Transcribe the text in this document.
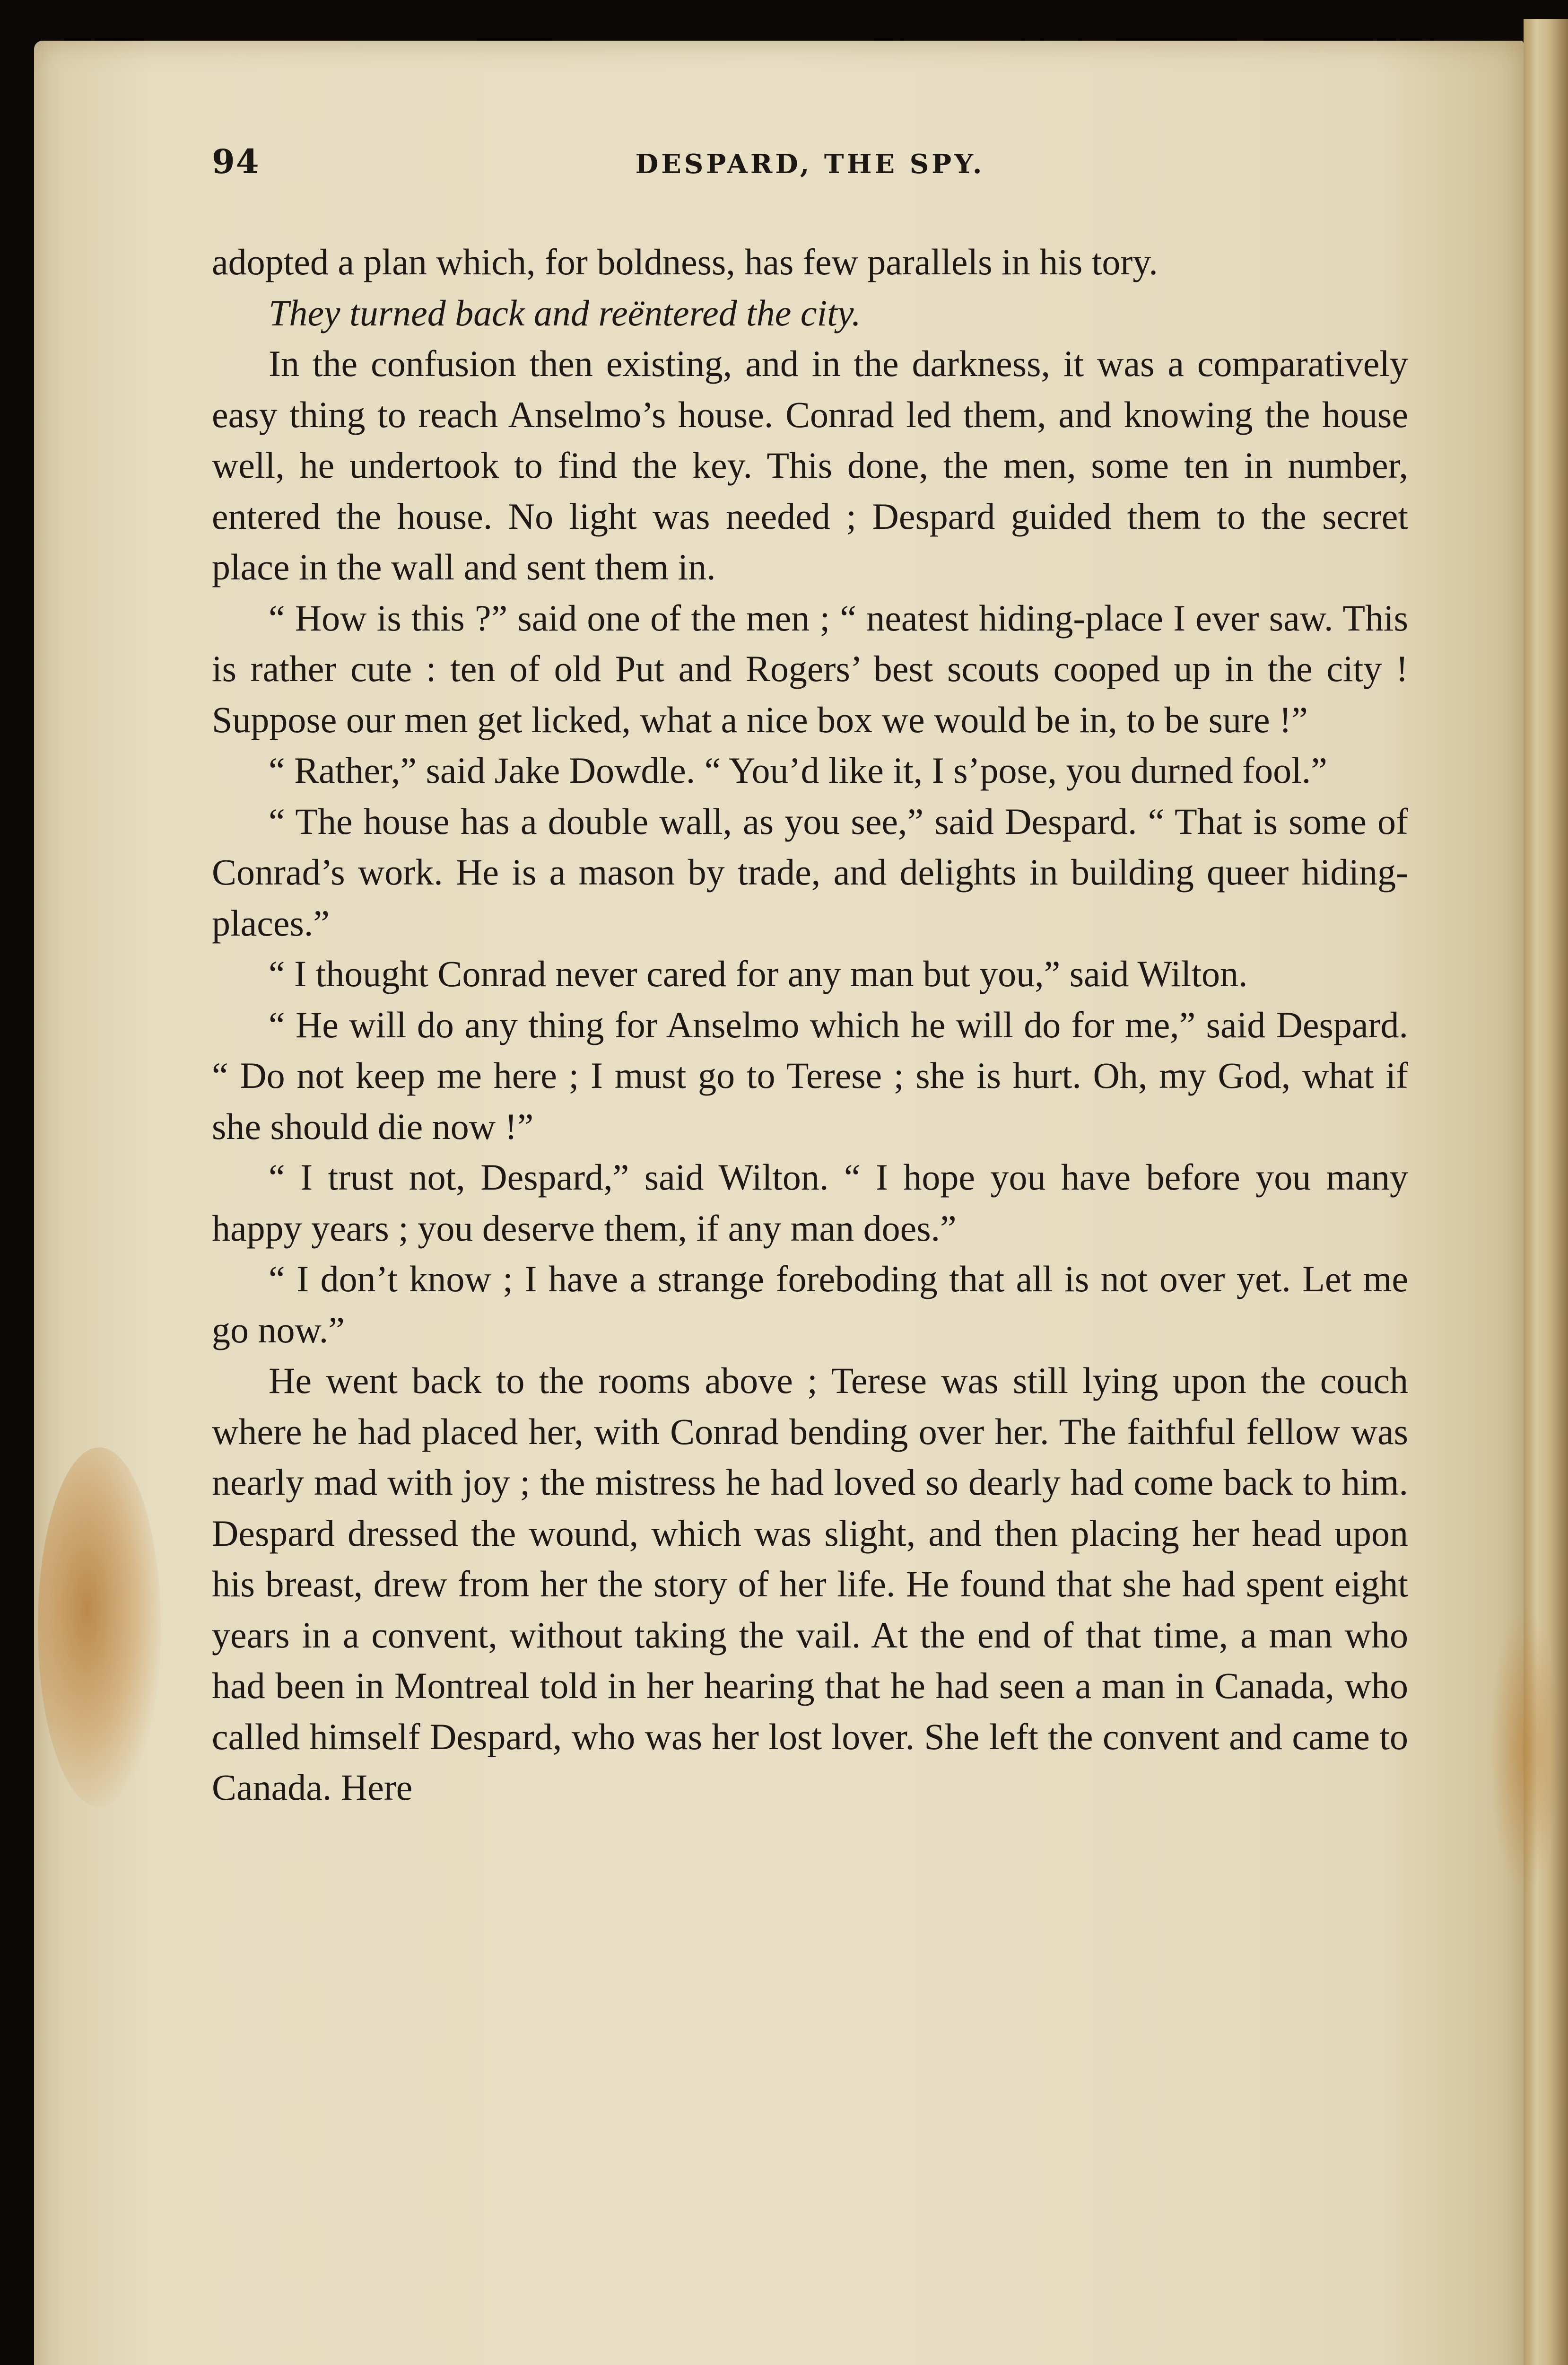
94	DESPARD, THE SPY.

adopted a plan which, for boldness, has few parallels in his tory.

They turned back and reëntered the city.

In the confusion then existing, and in the darkness, it was a comparatively easy thing to reach Anselmo’s house. Conrad led them, and knowing the house well, he undertook to find the key. This done, the men, some ten in number, entered the house. No light was needed ; Despard guided them to the secret place in the wall and sent them in.

“ How is this ?” said one of the men ; “ neatest hiding-place I ever saw. This is rather cute : ten of old Put and Rogers’ best scouts cooped up in the city ! Suppose our men get licked, what a nice box we would be in, to be sure !”

“ Rather,” said Jake Dowdle. “ You’d like it, I s’pose, you durned fool.”

“ The house has a double wall, as you see,” said Despard. “ That is some of Conrad’s work. He is a mason by trade, and delights in building queer hiding-places.”

“ I thought Conrad never cared for any man but you,” said Wilton.

“ He will do any thing for Anselmo which he will do for me,” said Despard. “ Do not keep me here ; I must go to Terese ; she is hurt. Oh, my God, what if she should die now !”

“ I trust not, Despard,” said Wilton. “ I hope you have before you many happy years ; you deserve them, if any man does.”

“ I don’t know ; I have a strange foreboding that all is not over yet. Let me go now.”

He went back to the rooms above ; Terese was still lying upon the couch where he had placed her, with Conrad bending over her. The faithful fellow was nearly mad with joy ; the mistress he had loved so dearly had come back to him. Despard dressed the wound, which was slight, and then placing her head upon his breast, drew from her the story of her life. He found that she had spent eight years in a convent, without taking the vail. At the end of that time, a man who had been in Montreal told in her hearing that he had seen a man in Canada, who called himself Despard, who was her lost lover. She left the convent and came to Canada. Here
